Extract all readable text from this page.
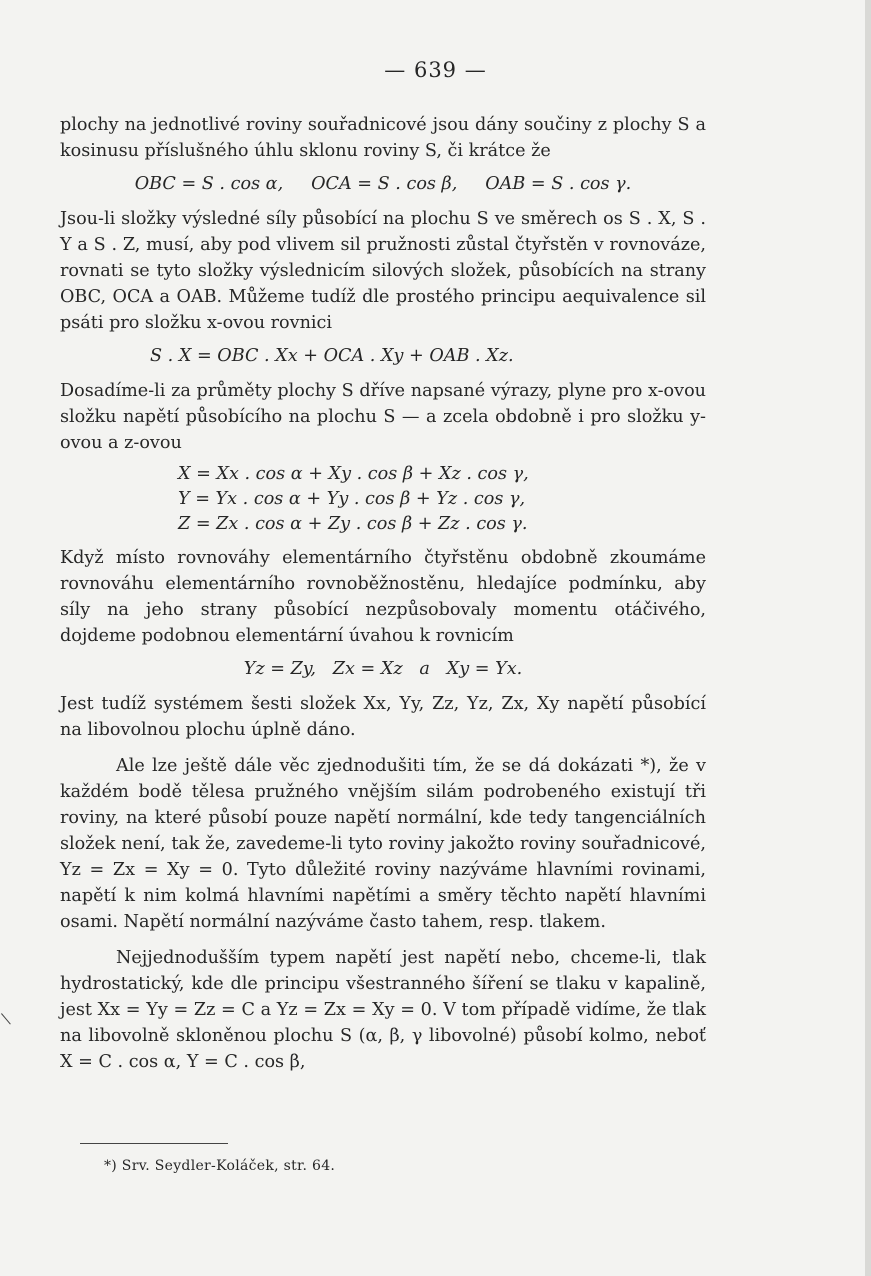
— 639 —

plochy na jednotlivé roviny souřadnicové jsou dány součiny z plochy S a kosinusu příslušného úhlu sklonu roviny S, či krátce že

OBC = S . cos α,     OCA = S . cos β,     OAB = S . cos γ.

Jsou-li složky výsledné síly působící na plochu S ve směrech os S . X, S . Y a S . Z, musí, aby pod vlivem sil pružnosti zůstal čtyřstěn v rovnováze, rovnati se tyto složky výslednicím silových složek, působících na strany OBC, OCA a OAB. Můžeme tudíž dle prostého principu aequivalence sil psáti pro složku x-ovou rovnici

S . X = OBC . Xx + OCA . Xy + OAB . Xz.

Dosadíme-li za průměty plochy S dříve napsané výrazy, plyne pro x-ovou složku napětí působícího na plochu S — a zcela obdobně i pro složku y-ovou a z-ovou

X = Xx . cos α + Xy . cos β + Xz . cos γ,
Y = Yx . cos α + Yy . cos β + Yz . cos γ,
Z = Zx . cos α + Zy . cos β + Zz . cos γ.

Když místo rovnováhy elementárního čtyřstěnu obdobně zkoumáme rovnováhu elementárního rovnoběžnostěnu, hledajíce podmínku, aby síly na jeho strany působící nezpůsobovaly momentu otáčivého, dojdeme podobnou elementární úvahou k rovnicím

Yz = Zy,   Zx = Xz   a   Xy = Yx.

Jest tudíž systémem šesti složek Xx, Yy, Zz, Yz, Zx, Xy napětí působící na libovolnou plochu úplně dáno.

Ale lze ještě dále věc zjednodušiti tím, že se dá dokázati *), že v každém bodě tělesa pružného vnějším silám podrobeného existují tři roviny, na které působí pouze napětí normální, kde tedy tangenciálních složek není, tak že, zavedeme-li tyto roviny jakožto roviny souřadnicové, Yz = Zx = Xy = 0. Tyto důležité roviny nazýváme hlavními rovinami, napětí k nim kolmá hlavními napětími a směry těchto napětí hlavními osami. Napětí normální nazýváme často tahem, resp. tlakem.

Nejjednodušším typem napětí jest napětí nebo, chceme-li, tlak hydrostatický, kde dle principu všestranného šíření se tlaku v kapalině, jest Xx = Yy = Zz = C a Yz = Zx = Xy = 0. V tom případě vidíme, že tlak na libovolně skloněnou plochu S (α, β, γ libovolné) působí kolmo, neboť X = C . cos α, Y = C . cos β,

*) Srv. Seydler-Koláček, str. 64.
